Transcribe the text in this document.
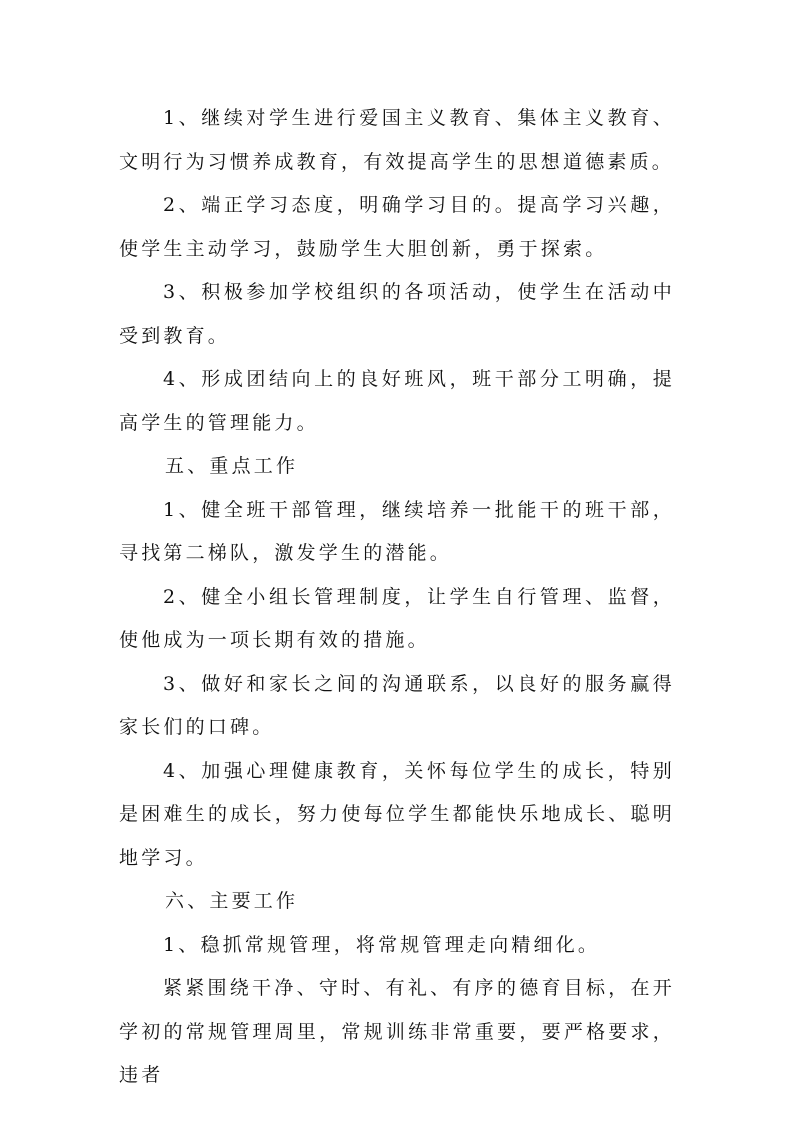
1、继续对学生进行爱国主义教育、集体主义教育、文明行为习惯养成教育，有效提高学生的思想道德素质。

2、端正学习态度，明确学习目的。提高学习兴趣，使学生主动学习，鼓励学生大胆创新，勇于探索。

3、积极参加学校组织的各项活动，使学生在活动中受到教育。

4、形成团结向上的良好班风，班干部分工明确，提高学生的管理能力。

五、重点工作

1、健全班干部管理，继续培养一批能干的班干部，寻找第二梯队，激发学生的潜能。

2、健全小组长管理制度，让学生自行管理、监督，使他成为一项长期有效的措施。

3、做好和家长之间的沟通联系，以良好的服务赢得家长们的口碑。

4、加强心理健康教育，关怀每位学生的成长，特别是困难生的成长，努力使每位学生都能快乐地成长、聪明地学习。

六、主要工作

1、稳抓常规管理，将常规管理走向精细化。

紧紧围绕干净、守时、有礼、有序的德育目标，在开学初的常规管理周里，常规训练非常重要，要严格要求，违者
